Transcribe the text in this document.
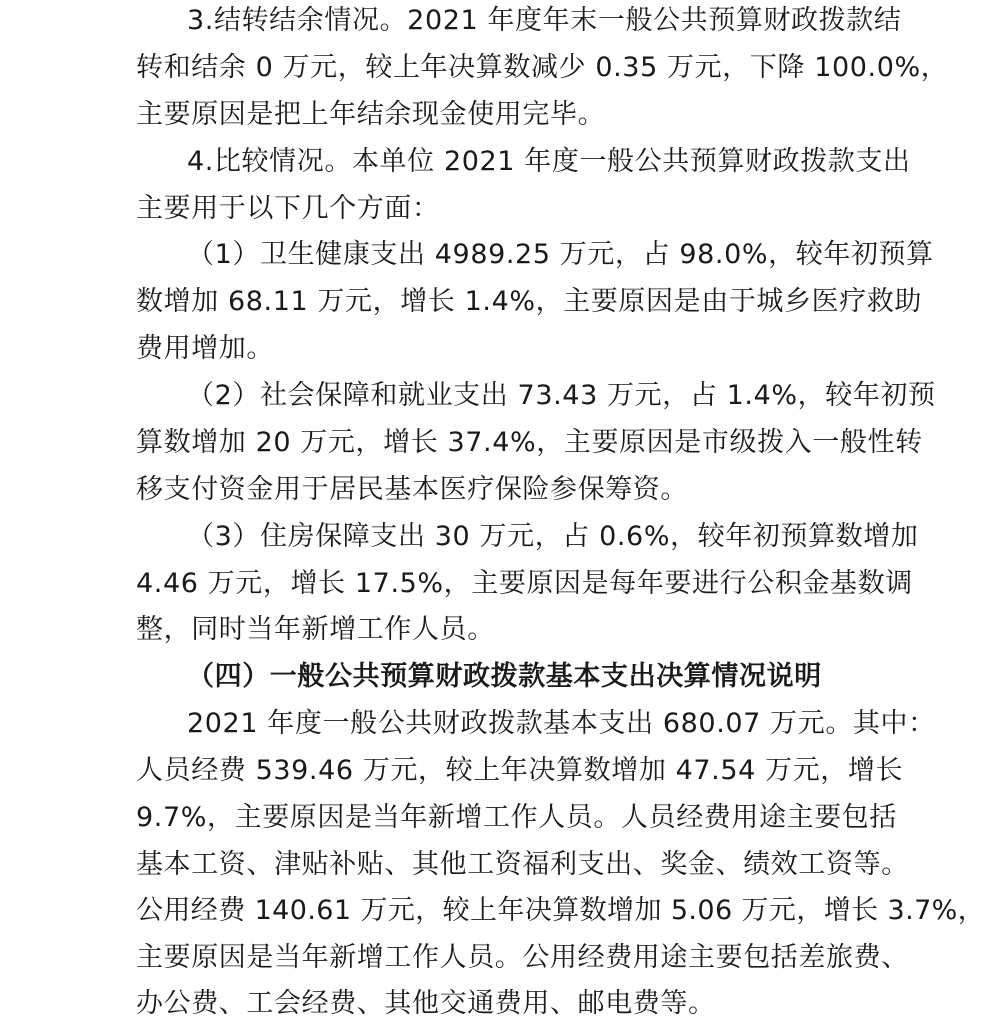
3.结转结余情况。2021 年度年末一般公共预算财政拨款结
转和结余 0 万元，较上年决算数减少 0.35 万元，下降 100.0%，
主要原因是把上年结余现金使用完毕。
4.比较情况。本单位 2021 年度一般公共预算财政拨款支出
主要用于以下几个方面：
（1）卫生健康支出 4989.25 万元，占 98.0%，较年初预算
数增加 68.11 万元，增长 1.4%，主要原因是由于城乡医疗救助
费用增加。
（2）社会保障和就业支出 73.43 万元，占 1.4%，较年初预
算数增加 20 万元，增长 37.4%，主要原因是市级拨入一般性转
移支付资金用于居民基本医疗保险参保筹资。
（3）住房保障支出 30 万元，占 0.6%，较年初预算数增加
4.46 万元，增长 17.5%，主要原因是每年要进行公积金基数调
整，同时当年新增工作人员。
（四）一般公共预算财政拨款基本支出决算情况说明
2021 年度一般公共财政拨款基本支出 680.07 万元。其中：
人员经费 539.46 万元，较上年决算数增加 47.54 万元，增长
9.7%，主要原因是当年新增工作人员。人员经费用途主要包括
基本工资、津贴补贴、其他工资福利支出、奖金、绩效工资等。
公用经费 140.61 万元，较上年决算数增加 5.06 万元，增长 3.7%，
主要原因是当年新增工作人员。公用经费用途主要包括差旅费、
办公费、工会经费、其他交通费用、邮电费等。
